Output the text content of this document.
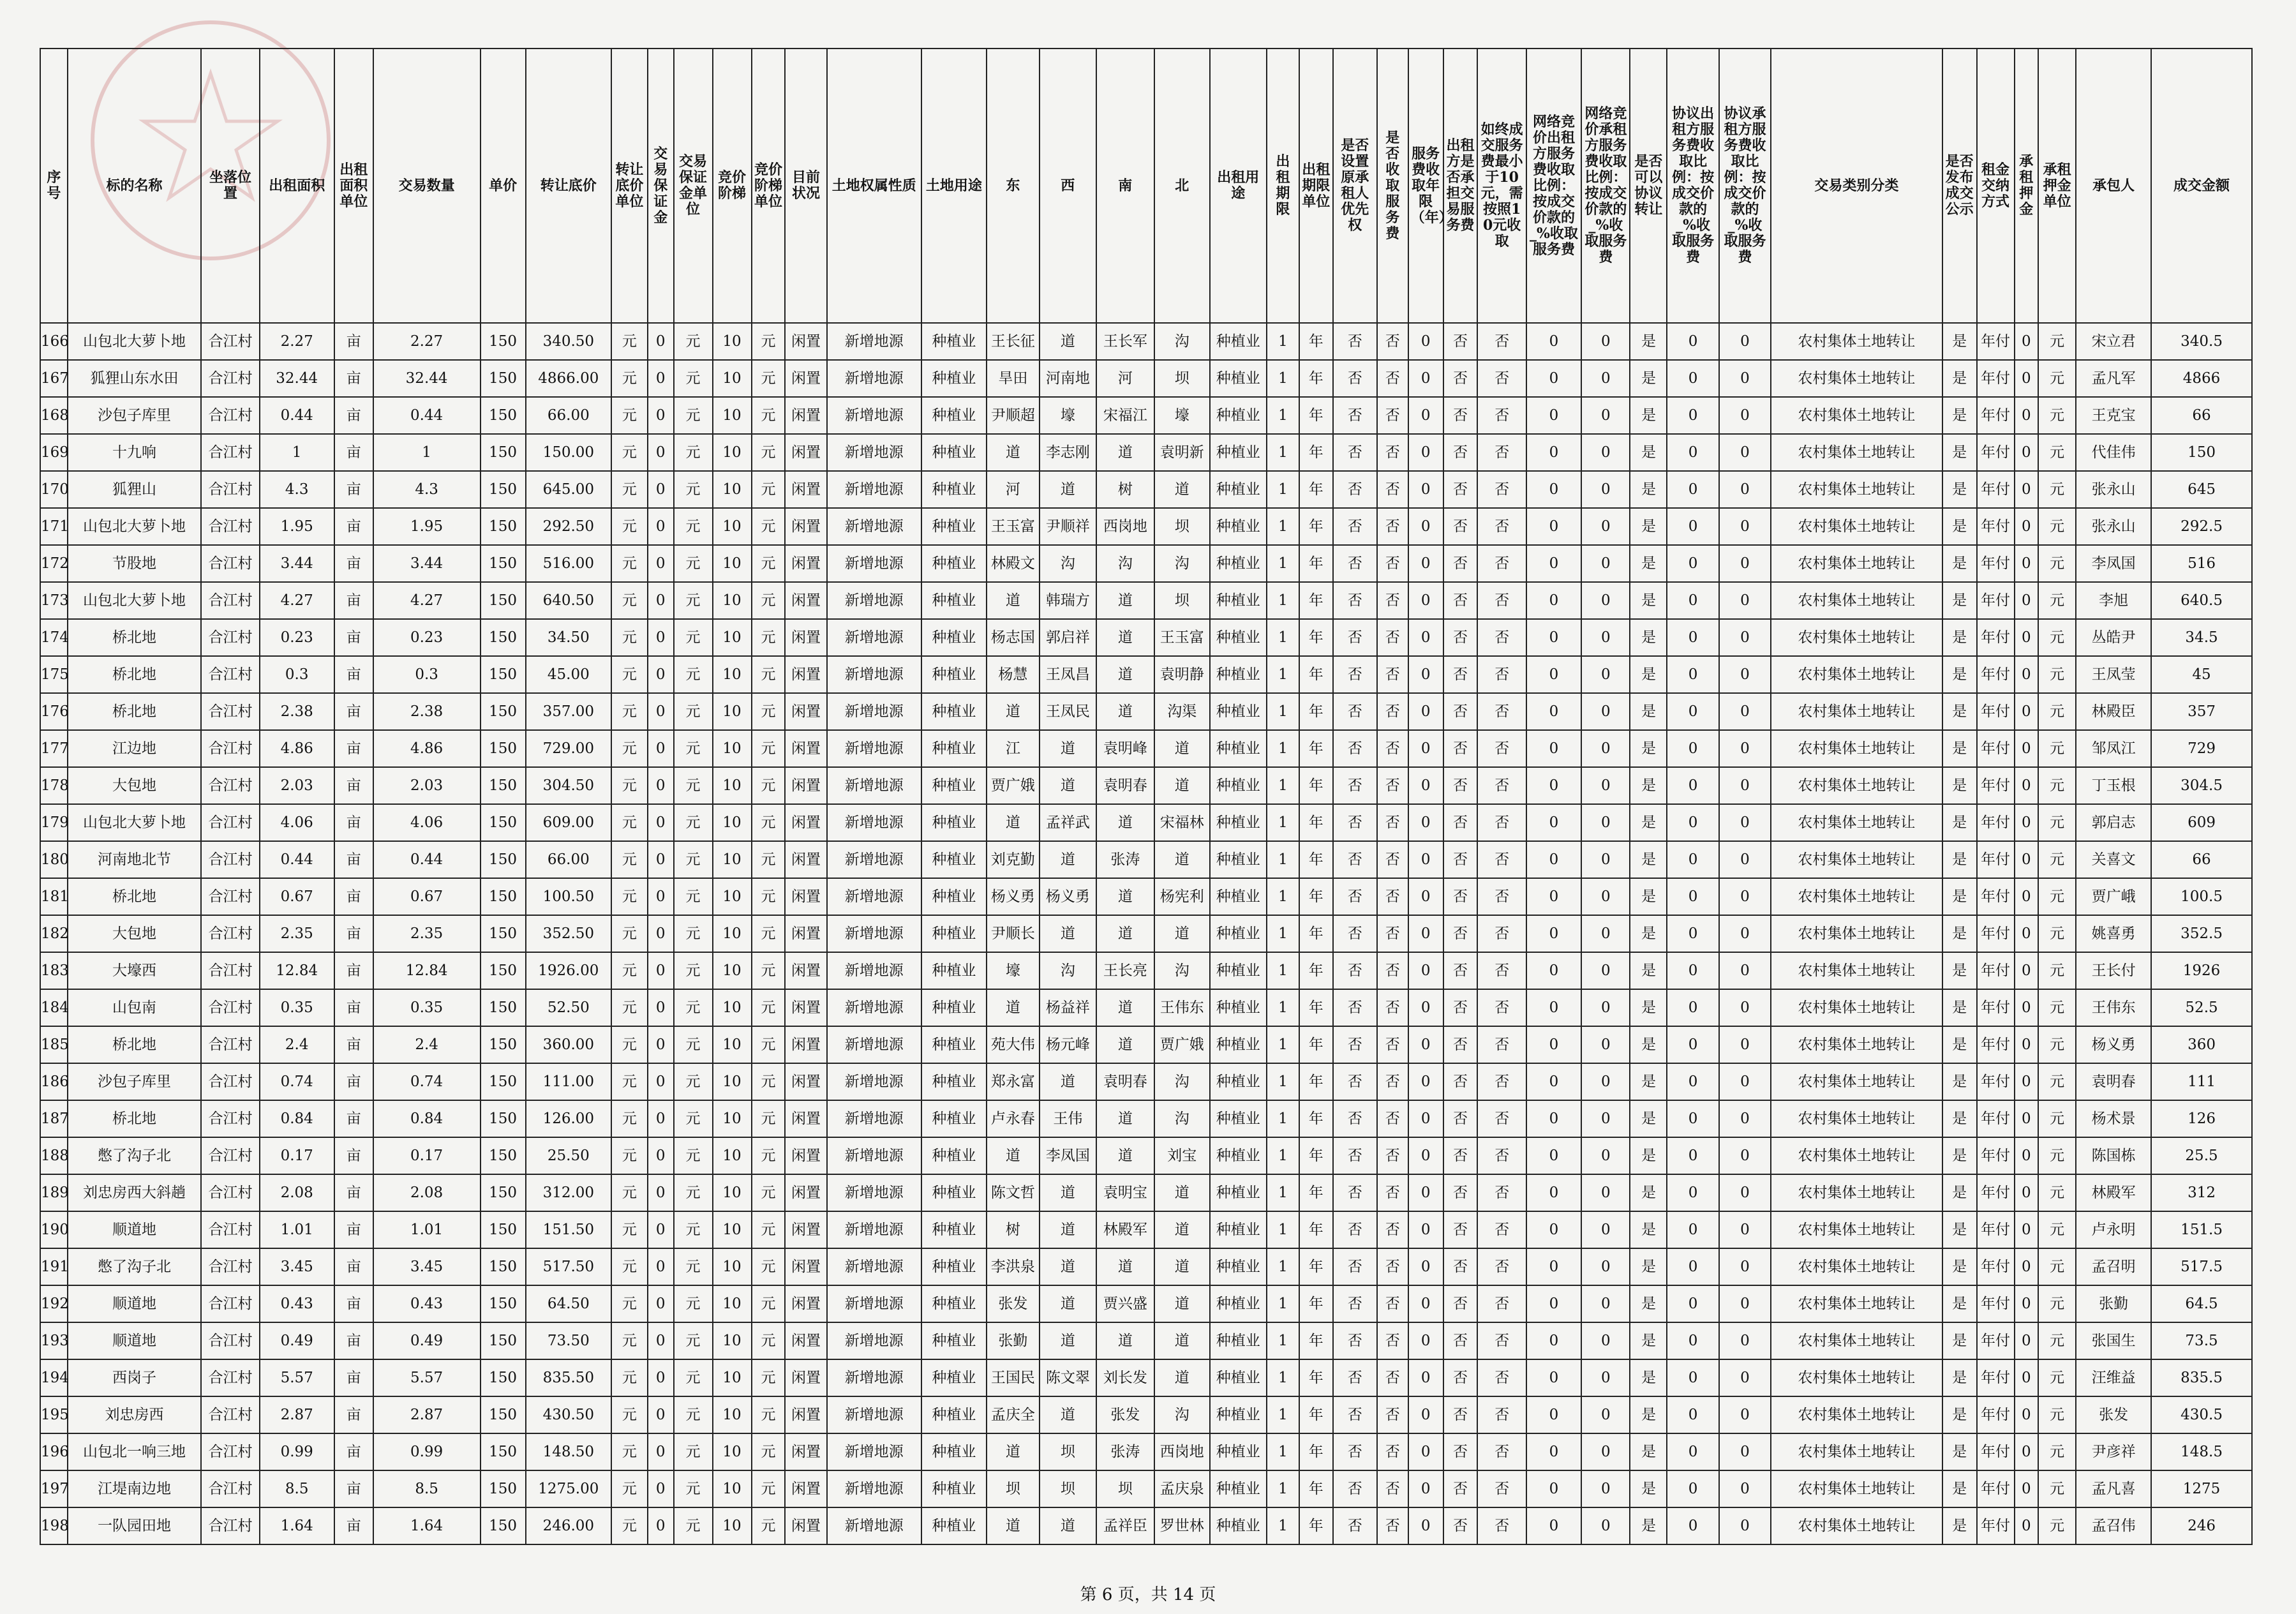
序号	标的名称	坐落位置	出租面积	出租面积单位	交易数量	单价	转让底价	转让底价单位	交易保证金	交易保证金单位	竞价阶梯	竞价阶梯单位	目前状况	土地权属性质	土地用途	东	西	南	北	出租用途	出租期限	出租期限单位	是否设置原承租人优先权	是否收取服务费	服务费收取年限（年）	出租方是否承担交易服务费	如终成交服务费最小于10元，需按照10元收取	网络竞价出租方服务费收取比例：按成交价款的_%收取服务费	网络竞价承租方服务费收取比例：按成交价款的_%收取服务费	是否可以协议转让	协议出租方服务费收取比例：按成交价款的_%收取服务费	协议承租方服务费收取比例：按成交价款的_%收取服务费	交易类别分类	是否发布成交公示	租金交纳方式	承租押金	承租押金单位	承包人	成交金额
166	山包北大萝卜地	合江村	2.27	亩	2.27	150	340.50	元	0	元	10	元	闲置	新增地源	种植业	王长征	道	王长军	沟	种植业	1	年	否	否	0	否	否	0	0	是	0	0	农村集体土地转让	是	年付	0	元	宋立君	340.5
167	狐狸山东水田	合江村	32.44	亩	32.44	150	4866.00	元	0	元	10	元	闲置	新增地源	种植业	旱田	河南地	河	坝	种植业	1	年	否	否	0	否	否	0	0	是	0	0	农村集体土地转让	是	年付	0	元	孟凡军	4866
168	沙包子库里	合江村	0.44	亩	0.44	150	66.00	元	0	元	10	元	闲置	新增地源	种植业	尹顺超	壕	宋福江	壕	种植业	1	年	否	否	0	否	否	0	0	是	0	0	农村集体土地转让	是	年付	0	元	王克宝	66
169	十九响	合江村	1	亩	1	150	150.00	元	0	元	10	元	闲置	新增地源	种植业	道	李志刚	道	袁明新	种植业	1	年	否	否	0	否	否	0	0	是	0	0	农村集体土地转让	是	年付	0	元	代佳伟	150
170	狐狸山	合江村	4.3	亩	4.3	150	645.00	元	0	元	10	元	闲置	新增地源	种植业	河	道	树	道	种植业	1	年	否	否	0	否	否	0	0	是	0	0	农村集体土地转让	是	年付	0	元	张永山	645
171	山包北大萝卜地	合江村	1.95	亩	1.95	150	292.50	元	0	元	10	元	闲置	新增地源	种植业	王玉富	尹顺祥	西岗地	坝	种植业	1	年	否	否	0	否	否	0	0	是	0	0	农村集体土地转让	是	年付	0	元	张永山	292.5
172	节股地	合江村	3.44	亩	3.44	150	516.00	元	0	元	10	元	闲置	新增地源	种植业	林殿文	沟	沟	沟	种植业	1	年	否	否	0	否	否	0	0	是	0	0	农村集体土地转让	是	年付	0	元	李凤国	516
173	山包北大萝卜地	合江村	4.27	亩	4.27	150	640.50	元	0	元	10	元	闲置	新增地源	种植业	道	韩瑞方	道	坝	种植业	1	年	否	否	0	否	否	0	0	是	0	0	农村集体土地转让	是	年付	0	元	李旭	640.5
174	桥北地	合江村	0.23	亩	0.23	150	34.50	元	0	元	10	元	闲置	新增地源	种植业	杨志国	郭启祥	道	王玉富	种植业	1	年	否	否	0	否	否	0	0	是	0	0	农村集体土地转让	是	年付	0	元	丛皓尹	34.5
175	桥北地	合江村	0.3	亩	0.3	150	45.00	元	0	元	10	元	闲置	新增地源	种植业	杨慧	王凤昌	道	袁明静	种植业	1	年	否	否	0	否	否	0	0	是	0	0	农村集体土地转让	是	年付	0	元	王凤莹	45
176	桥北地	合江村	2.38	亩	2.38	150	357.00	元	0	元	10	元	闲置	新增地源	种植业	道	王凤民	道	沟渠	种植业	1	年	否	否	0	否	否	0	0	是	0	0	农村集体土地转让	是	年付	0	元	林殿臣	357
177	江边地	合江村	4.86	亩	4.86	150	729.00	元	0	元	10	元	闲置	新增地源	种植业	江	道	袁明峰	道	种植业	1	年	否	否	0	否	否	0	0	是	0	0	农村集体土地转让	是	年付	0	元	邹凤江	729
178	大包地	合江村	2.03	亩	2.03	150	304.50	元	0	元	10	元	闲置	新增地源	种植业	贾广娥	道	袁明春	道	种植业	1	年	否	否	0	否	否	0	0	是	0	0	农村集体土地转让	是	年付	0	元	丁玉根	304.5
179	山包北大萝卜地	合江村	4.06	亩	4.06	150	609.00	元	0	元	10	元	闲置	新增地源	种植业	道	孟祥武	道	宋福林	种植业	1	年	否	否	0	否	否	0	0	是	0	0	农村集体土地转让	是	年付	0	元	郭启志	609
180	河南地北节	合江村	0.44	亩	0.44	150	66.00	元	0	元	10	元	闲置	新增地源	种植业	刘克勤	道	张涛	道	种植业	1	年	否	否	0	否	否	0	0	是	0	0	农村集体土地转让	是	年付	0	元	关喜文	66
181	桥北地	合江村	0.67	亩	0.67	150	100.50	元	0	元	10	元	闲置	新增地源	种植业	杨义勇	杨义勇	道	杨宪利	种植业	1	年	否	否	0	否	否	0	0	是	0	0	农村集体土地转让	是	年付	0	元	贾广峨	100.5
182	大包地	合江村	2.35	亩	2.35	150	352.50	元	0	元	10	元	闲置	新增地源	种植业	尹顺长	道	道	道	种植业	1	年	否	否	0	否	否	0	0	是	0	0	农村集体土地转让	是	年付	0	元	姚喜勇	352.5
183	大壕西	合江村	12.84	亩	12.84	150	1926.00	元	0	元	10	元	闲置	新增地源	种植业	壕	沟	王长亮	沟	种植业	1	年	否	否	0	否	否	0	0	是	0	0	农村集体土地转让	是	年付	0	元	王长付	1926
184	山包南	合江村	0.35	亩	0.35	150	52.50	元	0	元	10	元	闲置	新增地源	种植业	道	杨益祥	道	王伟东	种植业	1	年	否	否	0	否	否	0	0	是	0	0	农村集体土地转让	是	年付	0	元	王伟东	52.5
185	桥北地	合江村	2.4	亩	2.4	150	360.00	元	0	元	10	元	闲置	新增地源	种植业	苑大伟	杨元峰	道	贾广娥	种植业	1	年	否	否	0	否	否	0	0	是	0	0	农村集体土地转让	是	年付	0	元	杨义勇	360
186	沙包子库里	合江村	0.74	亩	0.74	150	111.00	元	0	元	10	元	闲置	新增地源	种植业	郑永富	道	袁明春	沟	种植业	1	年	否	否	0	否	否	0	0	是	0	0	农村集体土地转让	是	年付	0	元	袁明春	111
187	桥北地	合江村	0.84	亩	0.84	150	126.00	元	0	元	10	元	闲置	新增地源	种植业	卢永春	王伟	道	沟	种植业	1	年	否	否	0	否	否	0	0	是	0	0	农村集体土地转让	是	年付	0	元	杨术景	126
188	憋了沟子北	合江村	0.17	亩	0.17	150	25.50	元	0	元	10	元	闲置	新增地源	种植业	道	李凤国	道	刘宝	种植业	1	年	否	否	0	否	否	0	0	是	0	0	农村集体土地转让	是	年付	0	元	陈国栋	25.5
189	刘忠房西大斜趟	合江村	2.08	亩	2.08	150	312.00	元	0	元	10	元	闲置	新增地源	种植业	陈文哲	道	袁明宝	道	种植业	1	年	否	否	0	否	否	0	0	是	0	0	农村集体土地转让	是	年付	0	元	林殿军	312
190	顺道地	合江村	1.01	亩	1.01	150	151.50	元	0	元	10	元	闲置	新增地源	种植业	树	道	林殿军	道	种植业	1	年	否	否	0	否	否	0	0	是	0	0	农村集体土地转让	是	年付	0	元	卢永明	151.5
191	憋了沟子北	合江村	3.45	亩	3.45	150	517.50	元	0	元	10	元	闲置	新增地源	种植业	李洪泉	道	道	道	种植业	1	年	否	否	0	否	否	0	0	是	0	0	农村集体土地转让	是	年付	0	元	孟召明	517.5
192	顺道地	合江村	0.43	亩	0.43	150	64.50	元	0	元	10	元	闲置	新增地源	种植业	张发	道	贾兴盛	道	种植业	1	年	否	否	0	否	否	0	0	是	0	0	农村集体土地转让	是	年付	0	元	张勤	64.5
193	顺道地	合江村	0.49	亩	0.49	150	73.50	元	0	元	10	元	闲置	新增地源	种植业	张勤	道	道	道	种植业	1	年	否	否	0	否	否	0	0	是	0	0	农村集体土地转让	是	年付	0	元	张国生	73.5
194	西岗子	合江村	5.57	亩	5.57	150	835.50	元	0	元	10	元	闲置	新增地源	种植业	王国民	陈文翠	刘长发	道	种植业	1	年	否	否	0	否	否	0	0	是	0	0	农村集体土地转让	是	年付	0	元	汪维益	835.5
195	刘忠房西	合江村	2.87	亩	2.87	150	430.50	元	0	元	10	元	闲置	新增地源	种植业	孟庆全	道	张发	沟	种植业	1	年	否	否	0	否	否	0	0	是	0	0	农村集体土地转让	是	年付	0	元	张发	430.5
196	山包北一响三地	合江村	0.99	亩	0.99	150	148.50	元	0	元	10	元	闲置	新增地源	种植业	道	坝	张涛	西岗地	种植业	1	年	否	否	0	否	否	0	0	是	0	0	农村集体土地转让	是	年付	0	元	尹彦祥	148.5
197	江堤南边地	合江村	8.5	亩	8.5	150	1275.00	元	0	元	10	元	闲置	新增地源	种植业	坝	坝	坝	孟庆泉	种植业	1	年	否	否	0	否	否	0	0	是	0	0	农村集体土地转让	是	年付	0	元	孟凡喜	1275
198	一队园田地	合江村	1.64	亩	1.64	150	246.00	元	0	元	10	元	闲置	新增地源	种植业	道	道	孟祥臣	罗世林	种植业	1	年	否	否	0	否	否	0	0	是	0	0	农村集体土地转让	是	年付	0	元	孟召伟	246
第 6 页，共 14 页
